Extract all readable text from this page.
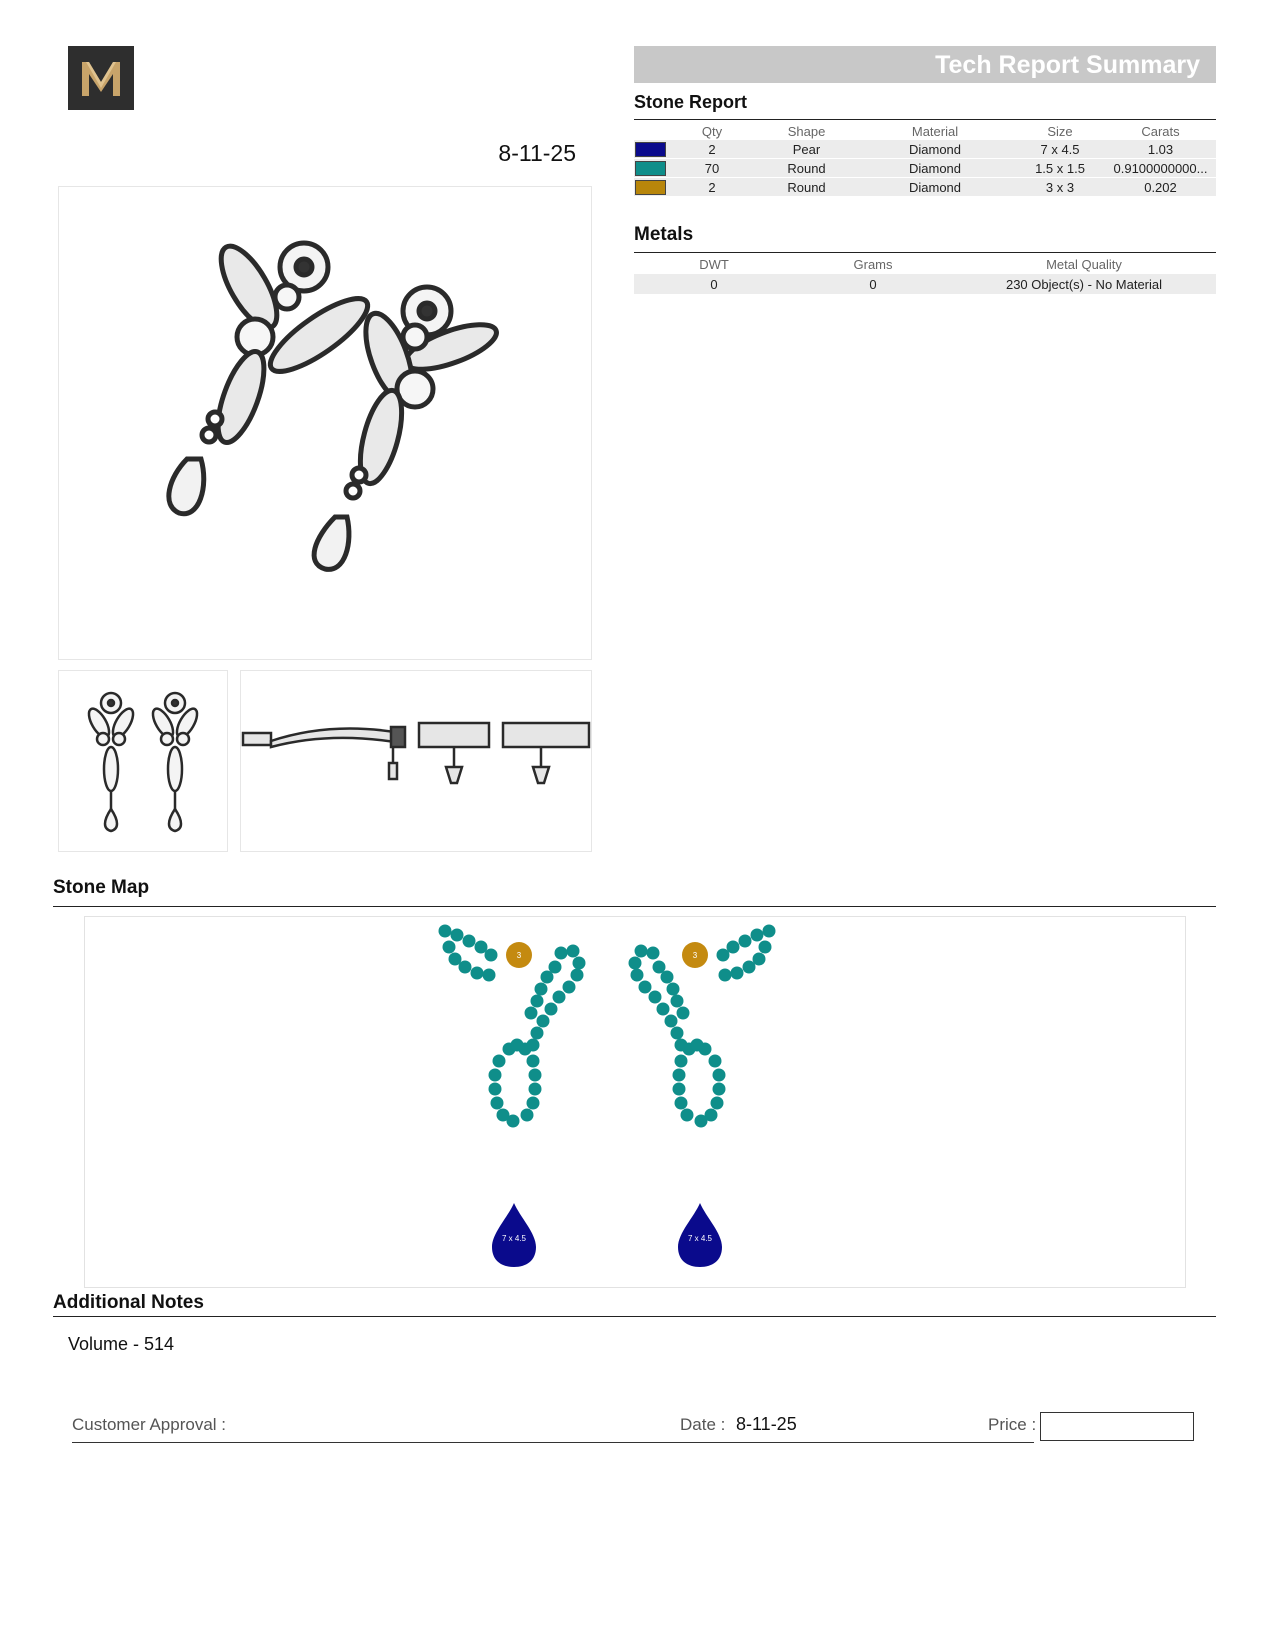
8-11-25
Tech Report Summary
Stone Report
	Qty	Shape	Material	Size	Carats

	2	Pear	Diamond	7 x 4.5	1.03

	70	Round	Diamond	1.5 x 1.5	0.9100000000...

	2	Round	Diamond	3 x 3	0.202
Metals
DWT	Grams	Metal Quality
0	0	230 Object(s) - No Material
Stone Map
3
7 x 4.5
3
7 x 4.5
Additional Notes
Volume - 514
Customer Approval :	Date : 8-11-25	Price :
